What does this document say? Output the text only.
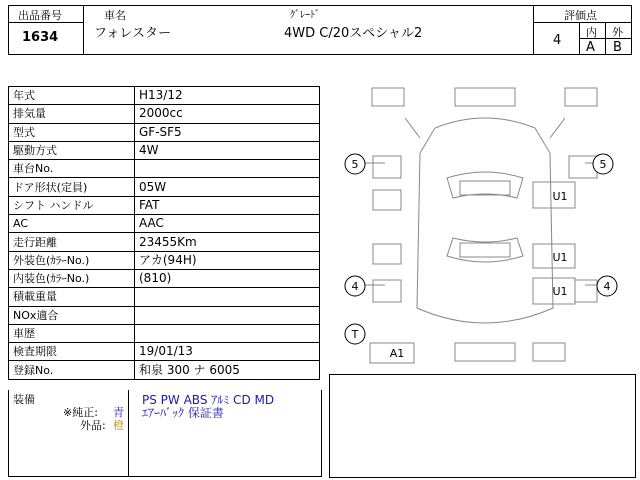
出品番号
1634
車名
フォレスター
ｸﾞﾚｰﾄﾞ
4WD C/20スペシャル2
評価点
4
内 外
A B
年式	H13/12
排気量	2000cc
型式	GF-SF5
駆動方式	4W
車台No.	
ドア形状(定員)	05W
シフト ハンドル	FAT
AC	AAC
走行距離	23455Km
外装色(ｶﾗｰNo.)	アカ(94H)
内装色(ｶﾗｰNo.)	(810)
積載重量	
NOx適合	
車歴	
検査期限	19/01/13
登録No.	和泉 300 ナ 6005
装備
※純正: 青
外品: 橙
PS PW ABS ｱﾙﾐ CD MD
ｴｱｰﾊﾞｯｸ 保証書
5	5
4	4
T
U1
U1
U1
A1
